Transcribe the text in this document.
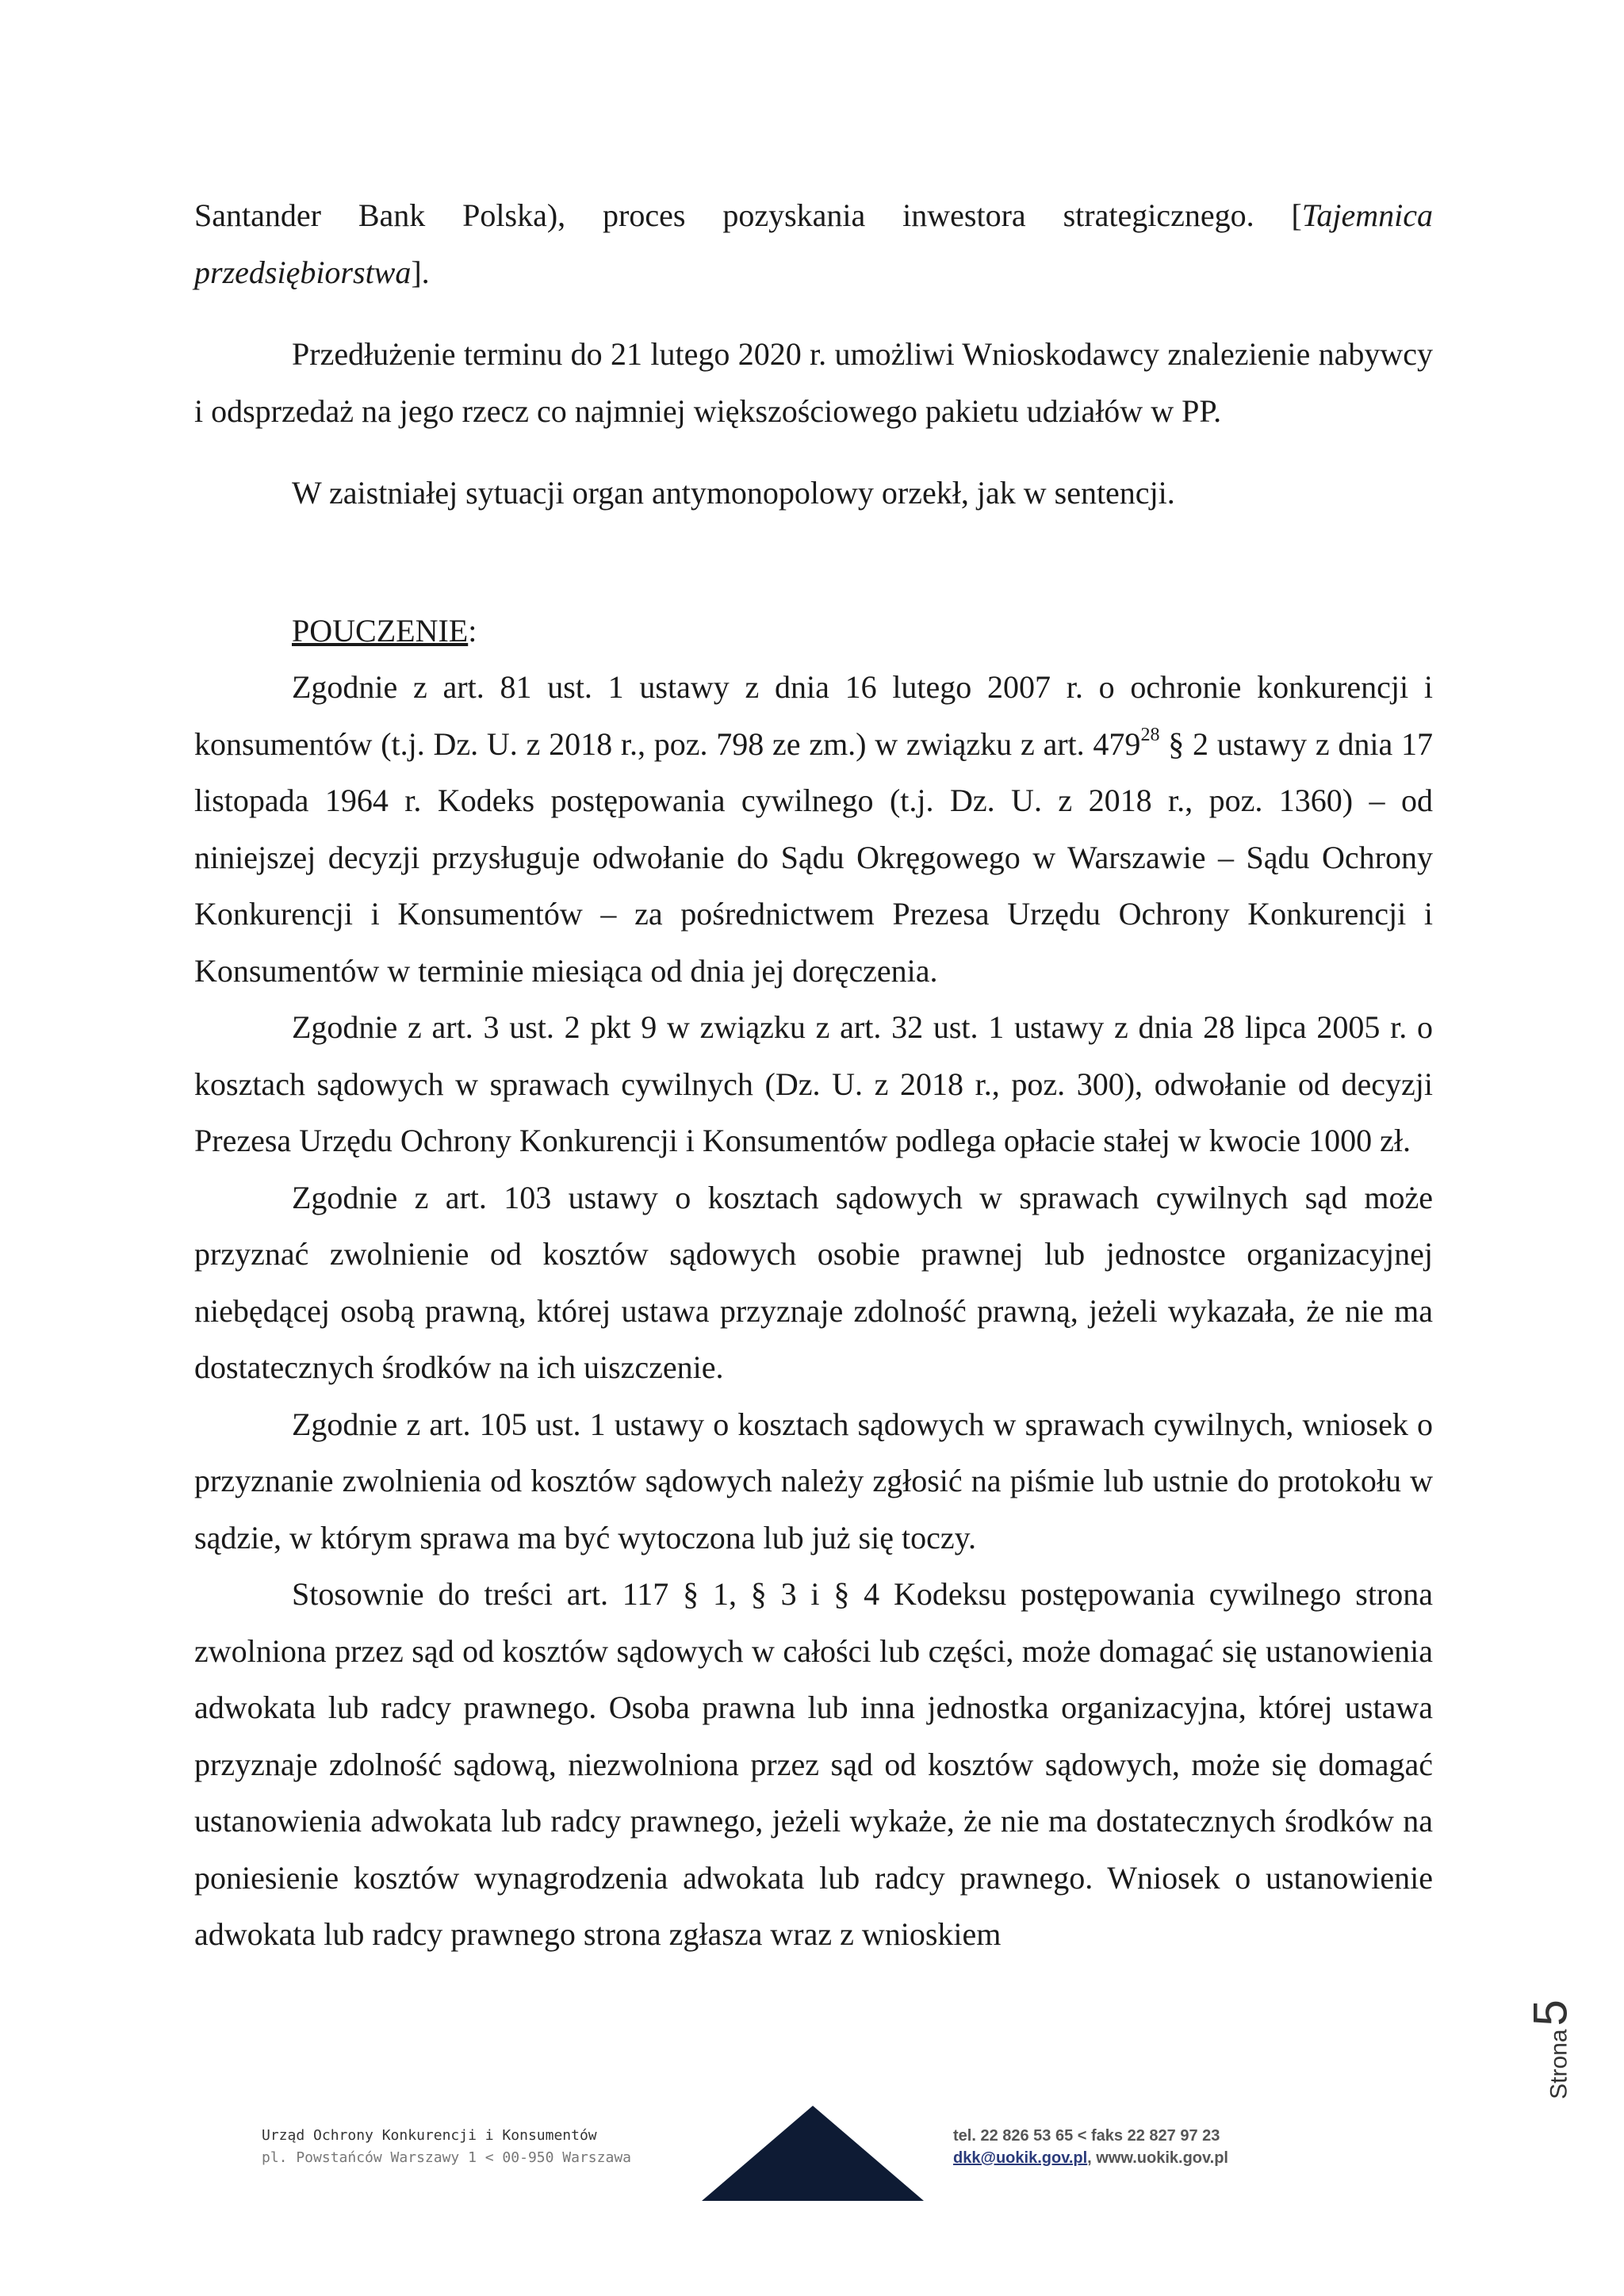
Santander Bank Polska), proces pozyskania inwestora strategicznego. [Tajemnica przedsiębiorstwa].

Przedłużenie terminu do 21 lutego 2020 r. umożliwi Wnioskodawcy znalezienie nabywcy i odsprzedaż na jego rzecz co najmniej większościowego pakietu udziałów w PP.

W zaistniałej sytuacji organ antymonopolowy orzekł, jak w sentencji.

POUCZENIE:

Zgodnie z art. 81 ust. 1 ustawy z dnia 16 lutego 2007 r. o ochronie konkurencji i konsumentów (t.j. Dz. U. z 2018 r., poz. 798 ze zm.) w związku z art. $479^{28}$ § 2 ustawy z dnia 17 listopada 1964 r. Kodeks postępowania cywilnego (t.j. Dz. U. z 2018 r., poz. 1360) – od niniejszej decyzji przysługuje odwołanie do Sądu Okręgowego w Warszawie – Sądu Ochrony Konkurencji i Konsumentów – za pośrednictwem Prezesa Urzędu Ochrony Konkurencji i Konsumentów w terminie miesiąca od dnia jej doręczenia.

Zgodnie z art. 3 ust. 2 pkt 9 w związku z art. 32 ust. 1 ustawy z dnia 28 lipca 2005 r. o kosztach sądowych w sprawach cywilnych (Dz. U. z 2018 r., poz. 300), odwołanie od decyzji Prezesa Urzędu Ochrony Konkurencji i Konsumentów podlega opłacie stałej w kwocie 1000 zł.

Zgodnie z art. 103 ustawy o kosztach sądowych w sprawach cywilnych sąd może przyznać zwolnienie od kosztów sądowych osobie prawnej lub jednostce organizacyjnej niebędącej osobą prawną, której ustawa przyznaje zdolność prawną, jeżeli wykazała, że nie ma dostatecznych środków na ich uiszczenie.

Zgodnie z art. 105 ust. 1 ustawy o kosztach sądowych w sprawach cywilnych, wniosek o przyznanie zwolnienia od kosztów sądowych należy zgłosić na piśmie lub ustnie do protokołu w sądzie, w którym sprawa ma być wytoczona lub już się toczy.

Stosownie do treści art. 117 § 1, § 3 i § 4 Kodeksu postępowania cywilnego strona zwolniona przez sąd od kosztów sądowych w całości lub części, może domagać się ustanowienia adwokata lub radcy prawnego. Osoba prawna lub inna jednostka organizacyjna, której ustawa przyznaje zdolność sądową, niezwolniona przez sąd od kosztów sądowych, może się domagać ustanowienia adwokata lub radcy prawnego, jeżeli wykaże, że nie ma dostatecznych środków na poniesienie kosztów wynagrodzenia adwokata lub radcy prawnego. Wniosek o ustanowienie adwokata lub radcy prawnego strona zgłasza wraz z wnioskiem

Strona5
Urząd Ochrony Konkurencji i Konsumentów
pl. Powstańców Warszawy 1 < 00-950 Warszawa
tel. 22 826 53 65 < faks 22 827 97 23
dkk@uokik.gov.pl, www.uokik.gov.pl
